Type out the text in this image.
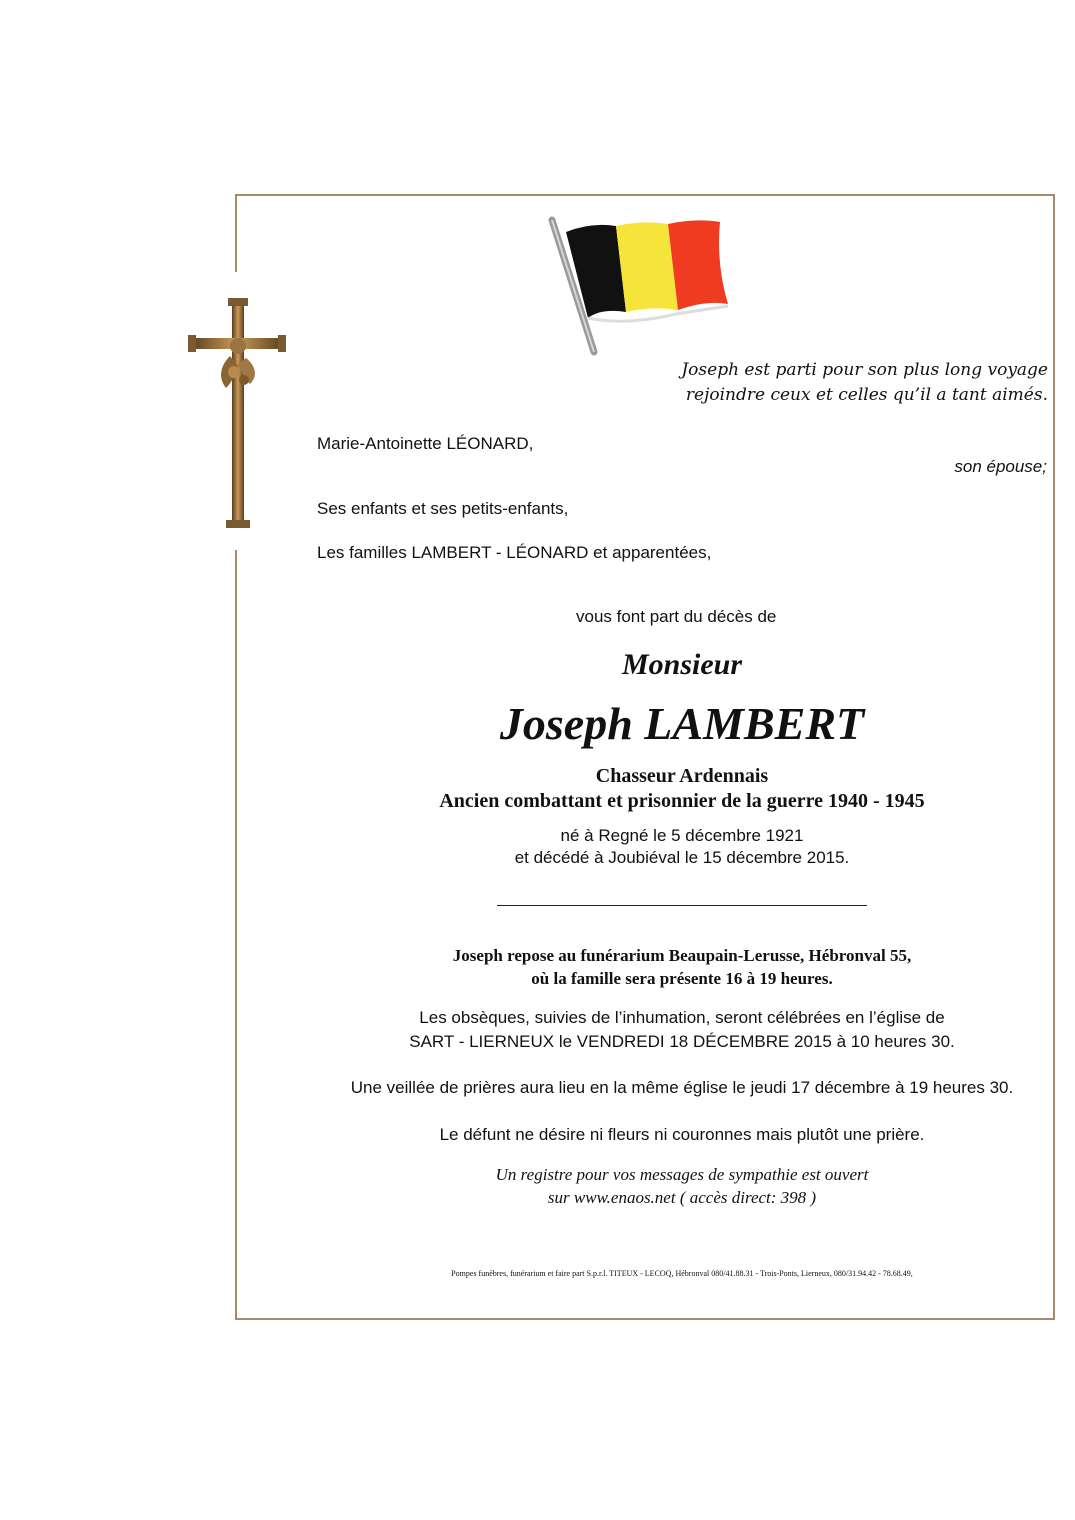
Joseph est parti pour son plus long voyage
rejoindre ceux et celles qu’il a tant aimés.
Marie-Antoinette LÉONARD,
son épouse;
Ses enfants et ses petits-enfants,
Les familles LAMBERT - LÉONARD et apparentées,
vous font part du décès de
Monsieur
Joseph LAMBERT
Chasseur Ardennais
Ancien combattant et prisonnier de la guerre 1940 - 1945
né à Regné le 5 décembre 1921
et décédé à Joubiéval le 15 décembre 2015.
Joseph repose au funérarium Beaupain-Lerusse, Hébronval 55,
où la famille sera présente 16 à 19 heures.
Les obsèques, suivies de l’inhumation, seront célébrées en l’église de
SART - LIERNEUX le VENDREDI 18 DÉCEMBRE 2015 à 10 heures 30.
Une veillée de prières aura lieu en la même église le jeudi 17 décembre à 19 heures 30.
Le défunt ne désire ni fleurs ni couronnes mais plutôt une prière.
Un registre pour vos messages de sympathie est ouvert
sur www.enaos.net ( accès direct: 398 )
Pompes funèbres, funérarium et faire part S.p.r.l. TITEUX - LECOQ, Hébronval 080/41.88.31 - Trois-Ponts, Lierneux, 080/31.94.42 - 78.68.49,
